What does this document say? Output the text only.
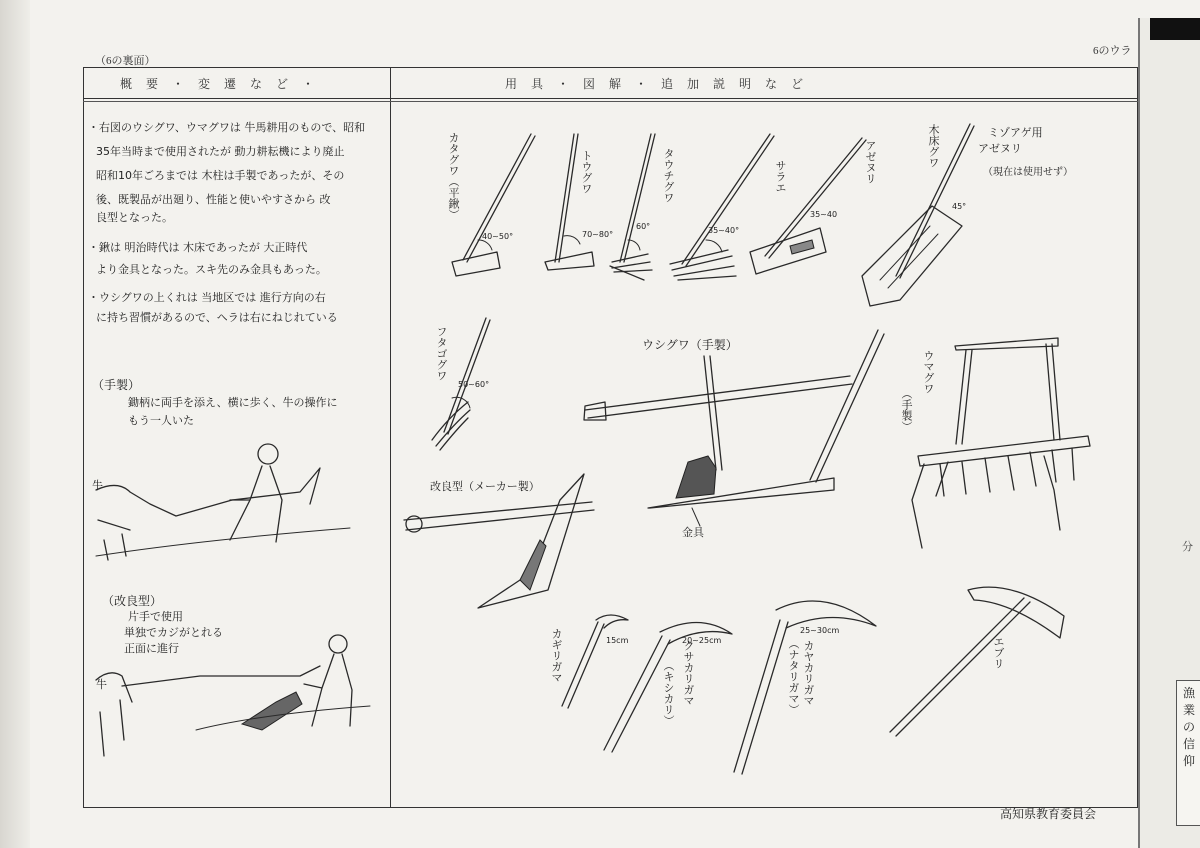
漁
業
の
信
仰
分
（6の裏面）
6のウラ
概要・変遷など・	用具・図解・追加説明など
・右図のウシグワ、ウマグワは 牛馬耕用のもので、昭和
35年当時まで使用されたが 動力耕耘機により廃止
昭和10年ごろまでは 木柱は手製であったが、その
後、既製品が出廻り、性能と使いやすさから 改
良型となった。
・鍬は 明治時代は 木床であったが 大正時代
より金具となった。スキ先のみ金具もあった。
・ウシグワの上くれは 当地区では 進行方向の右
に持ち習慣があるので、ヘラは右にねじれている
（手製）
鋤柄に両手を添え、横に歩く、牛の操作に
もう一人いた
牛
（改良型）
片手で使用
単独でカジがとれる
正面に進行
牛
カタグワ（平鍬）
40~50°
トウグワ
70~80°
タウチグワ
60°
サラエ
35~40°
アゼヌリ
35~40
木床グワ
45°
ミゾアゲ用
アゼヌリ
（現在は使用せず）
フタゴグワ
50~60°
ウシグワ（手製）
金具
ウマグワ
（手製）
改良型（メーカー製）
カギリガマ	15cm	クサカリガマ
（キシカリ）
20~25cm	カヤカリガマ
（ナタリガマ）
25~30cm
エブリ
高知県教育委員会
